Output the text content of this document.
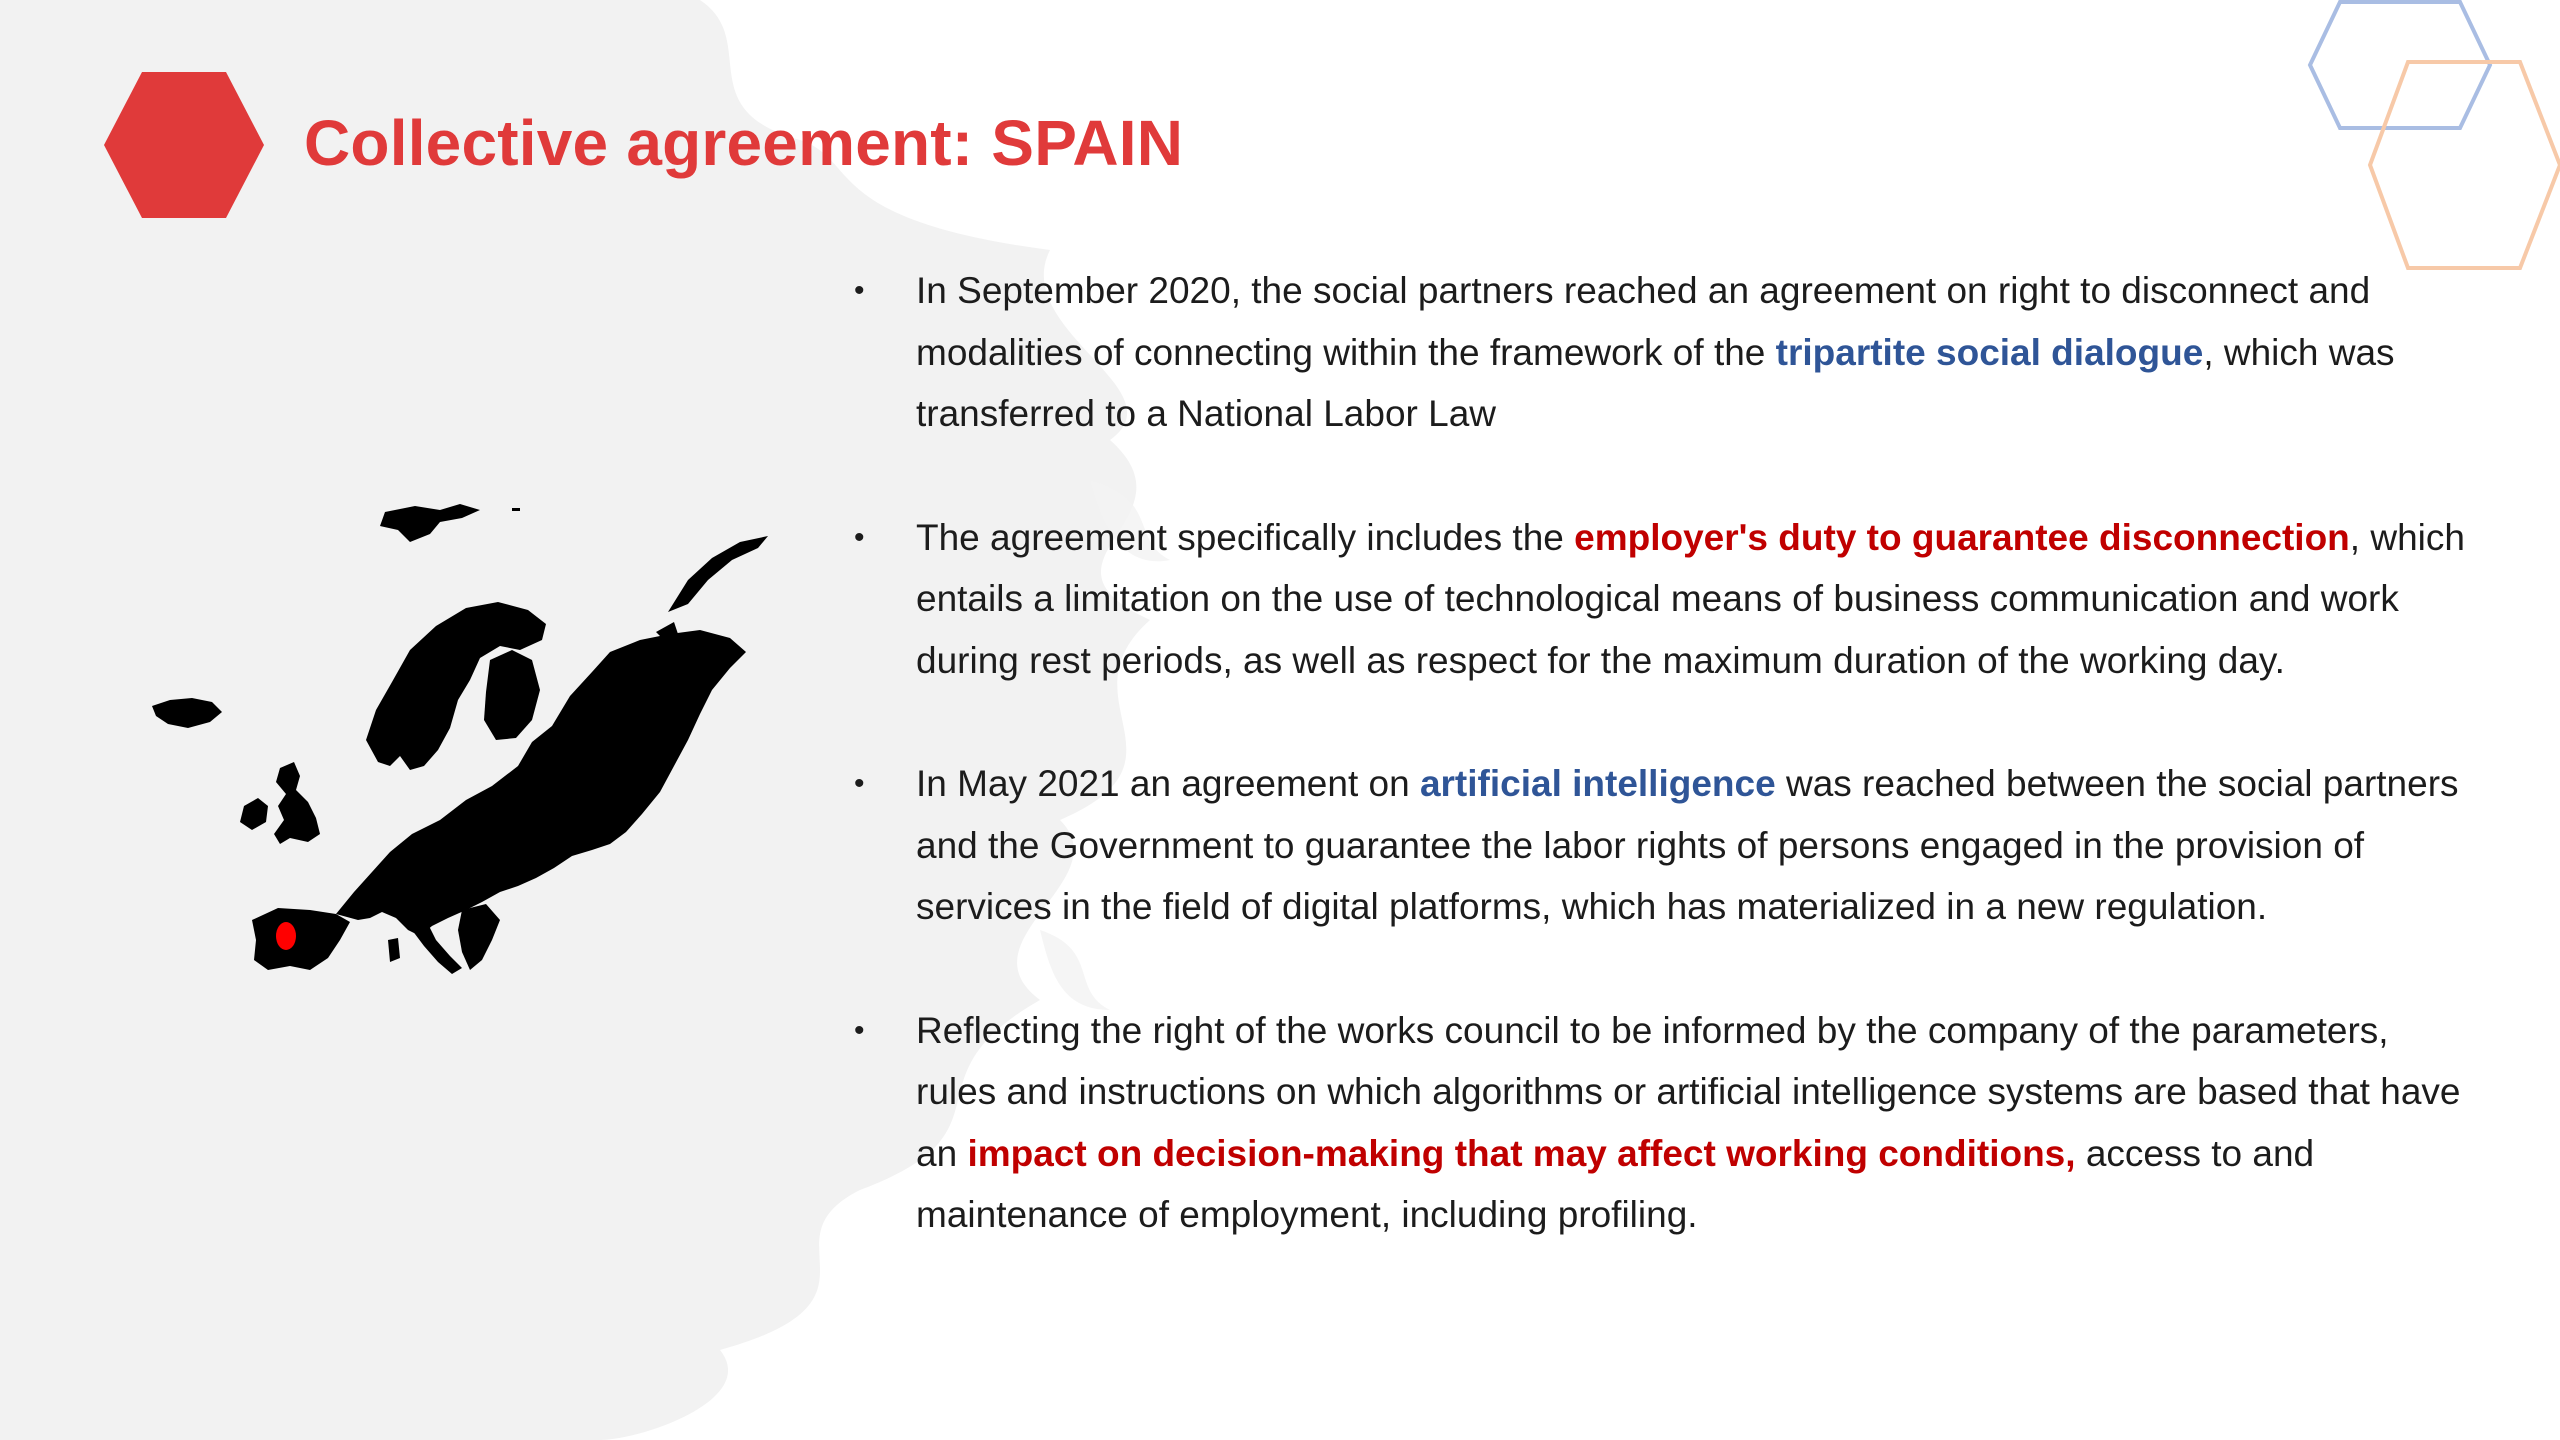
Collective agreement: SPAIN
• In September 2020, the social partners reached an agreement on right to disconnect and modalities of connecting within the framework of the tripartite social dialogue, which was transferred to a National Labor Law
• The agreement specifically includes the employer's duty to guarantee disconnection, which entails a limitation on the use of technological means of business communication and work during rest periods, as well as respect for the maximum duration of the working day.
• In May 2021 an agreement on artificial intelligence was reached between the social partners and the Government to guarantee the labor rights of persons engaged in the provision of services in the field of digital platforms, which has materialized in a new regulation.
• Reflecting the right of the works council to be informed by the company of the parameters, rules and instructions on which algorithms or artificial intelligence systems are based that have an impact on decision-making that may affect working conditions, access to and maintenance of employment, including profiling.
